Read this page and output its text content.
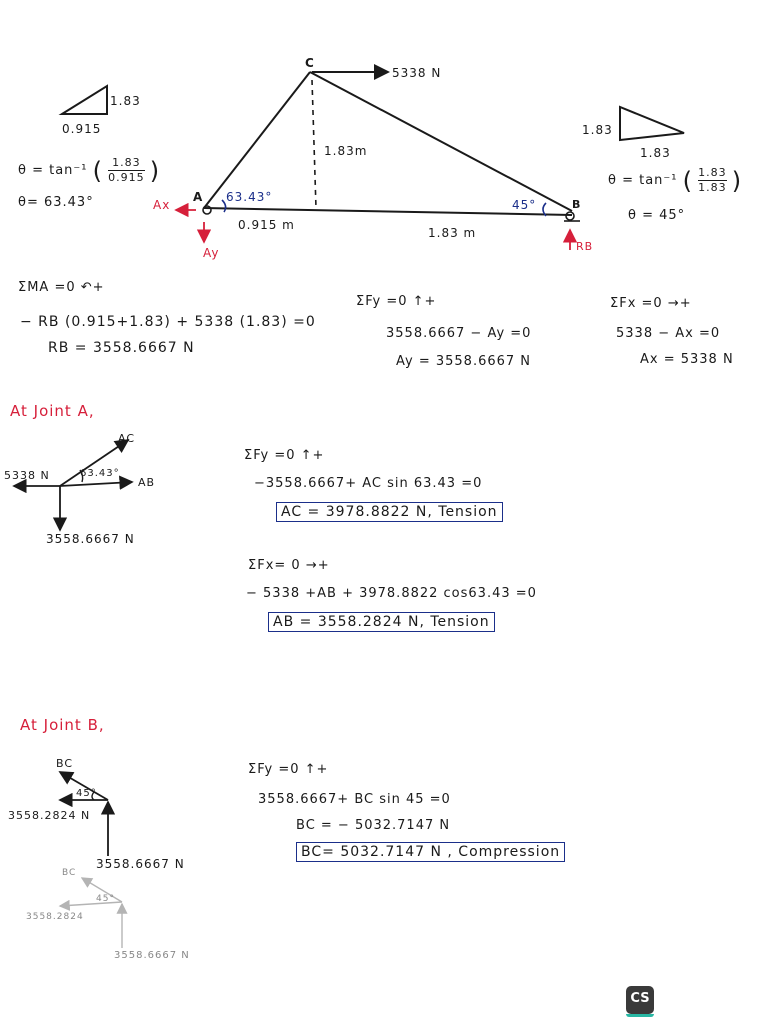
1.83
0.915
θ = tan⁻¹ ( $\frac{1.83}{0.915}$ )
θ= 63.43°
1.83
1.83
θ = tan⁻¹ ( $\frac{1.83}{1.83}$ )
θ = 45°
C
5338 N
1.83m
A 63.43°
45°	B
0.915 m
1.83 m
Ax
Ay	RB
ΣMA =0 ↶+
− RB (0.915+1.83) + 5338 (1.83) =0
RB = 3558.6667 N
ΣFy =0 ↑+
3558.6667 − Ay =0
Ay = 3558.6667 N
ΣFx =0 →+
5338 − Ax =0
Ax = 5338 N
At Joint A,
AC
5338 N	63.43°
AB
3558.6667 N
ΣFy =0 ↑+
−3558.6667+ AC sin 63.43 =0
AC = 3978.8822 N, Tension
ΣFx= 0 →+
− 5338 +AB + 3978.8822 cos63.43 =0
AB = 3558.2824 N, Tension
At Joint B,
BC
45°
3558.2824 N
3558.6667 N
BC
45°
3558.2824
3558.6667 N
ΣFy =0 ↑+
3558.6667+ BC sin 45 =0
BC = − 5032.7147 N
BC= 5032.7147 N , Compression
CS
